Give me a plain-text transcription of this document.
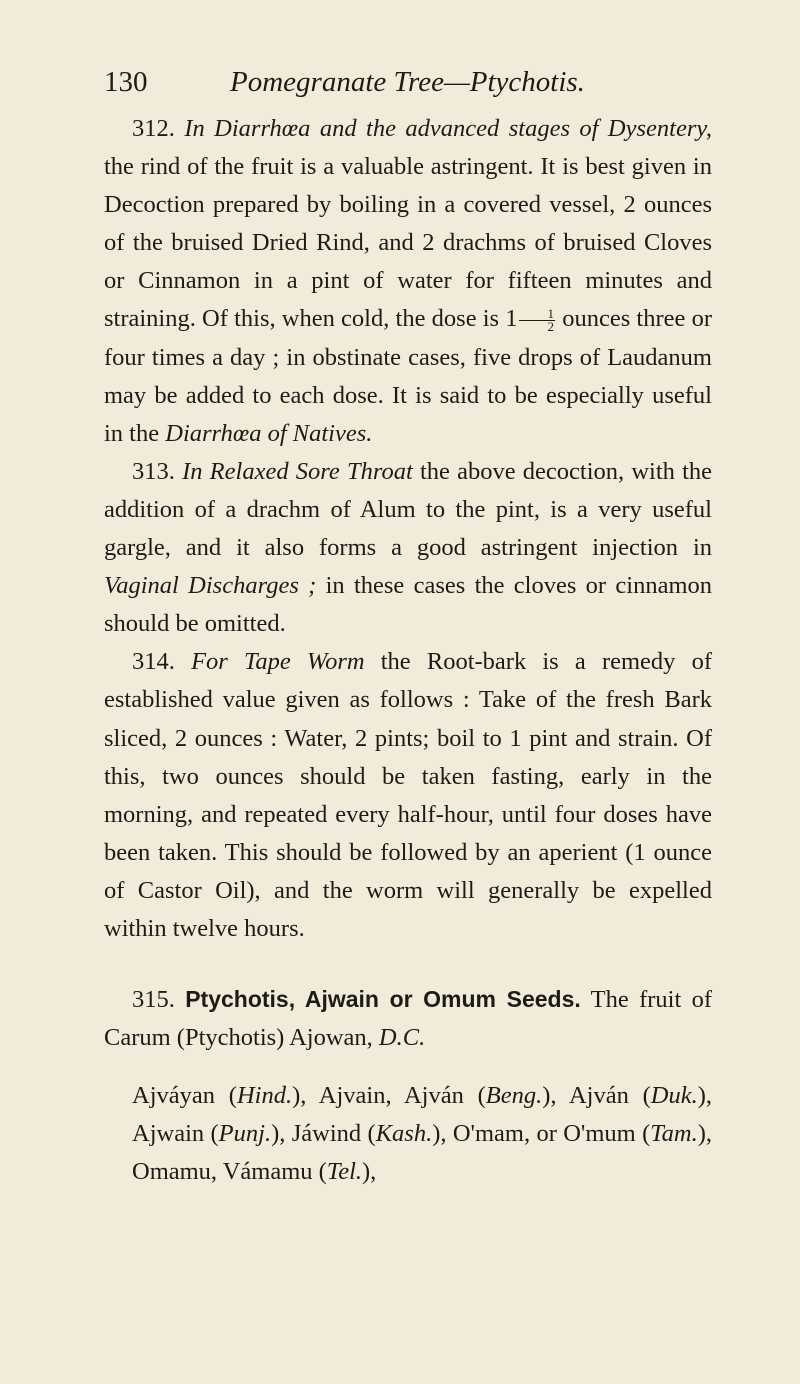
130	Pomegranate Tree—Ptychotis.

312. In Diarrhœa and the advanced stages of Dysentery, the rind of the fruit is a valuable astringent. It is best given in Decoction prepared by boiling in a covered vessel, 2 ounces of the bruised Dried Rind, and 2 drachms of bruised Cloves or Cinnamon in a pint of water for fifteen minutes and straining. Of this, when cold, the dose is $1 \frac{1}{2}$ ounces three or four times a day ; in obstinate cases, five drops of Laudanum may be added to each dose. It is said to be especially useful in the Diarrhœa of Natives.

313. In Relaxed Sore Throat the above decoction, with the addition of a drachm of Alum to the pint, is a very useful gargle, and it also forms a good astringent injection in Vaginal Discharges ; in these cases the cloves or cinnamon should be omitted.

314. For Tape Worm the Root-bark is a remedy of established value given as follows : Take of the fresh Bark sliced, 2 ounces : Water, 2 pints; boil to 1 pint and strain. Of this, two ounces should be taken fasting, early in the morning, and repeated every half-hour, until four doses have been taken. This should be followed by an aperient (1 ounce of Castor Oil), and the worm will generally be expelled within twelve hours.

315. Ptychotis, Ajwain or Omum Seeds. The fruit of Carum (Ptychotis) Ajowan, D.C.

Ajváyan (Hind.), Ajvain, Ajván (Beng.), Ajván (Duk.), Ajwain (Punj.), Jáwind (Kash.), O'mam, or O'mum (Tam.), Omamu, Vámamu (Tel.),
